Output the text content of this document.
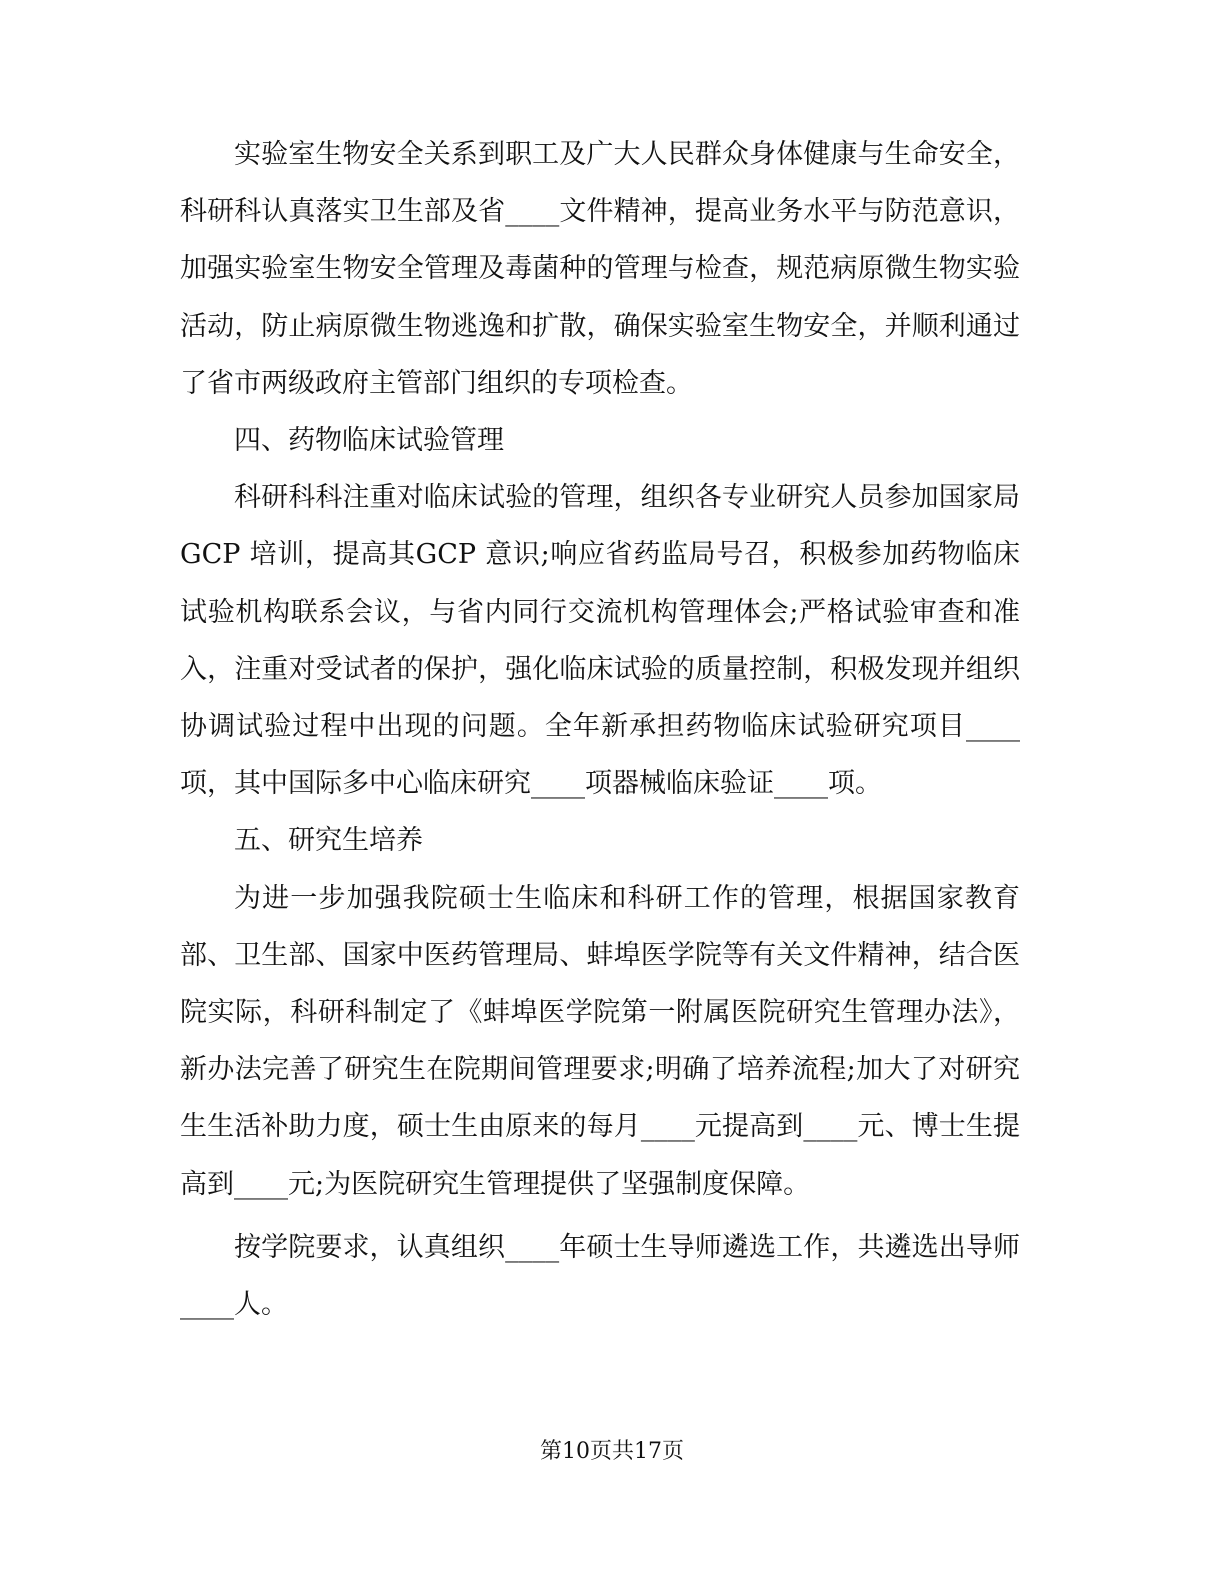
实验室生物安全关系到职工及广大人民群众身体健康与生命安全，科研科认真落实卫生部及省____文件精神，提高业务水平与防范意识，加强实验室生物安全管理及毒菌种的管理与检查，规范病原微生物实验活动，防止病原微生物逃逸和扩散，确保实验室生物安全，并顺利通过了省市两级政府主管部门组织的专项检查。

四、药物临床试验管理

科研科科注重对临床试验的管理，组织各专业研究人员参加国家局GCP 培训，提高其GCP 意识;响应省药监局号召，积极参加药物临床试验机构联系会议，与省内同行交流机构管理体会;严格试验审查和准入，注重对受试者的保护，强化临床试验的质量控制，积极发现并组织协调试验过程中出现的问题。全年新承担药物临床试验研究项目____项，其中国际多中心临床研究____项器械临床验证____项。

五、研究生培养

为进一步加强我院硕士生临床和科研工作的管理，根据国家教育部、卫生部、国家中医药管理局、蚌埠医学院等有关文件精神，结合医院实际，科研科制定了《蚌埠医学院第一附属医院研究生管理办法》，新办法完善了研究生在院期间管理要求;明确了培养流程;加大了对研究生生活补助力度，硕士生由原来的每月____元提高到____元、博士生提高到____元;为医院研究生管理提供了坚强制度保障。

按学院要求，认真组织____年硕士生导师遴选工作，共遴选出导师____人。

第10页共17页
